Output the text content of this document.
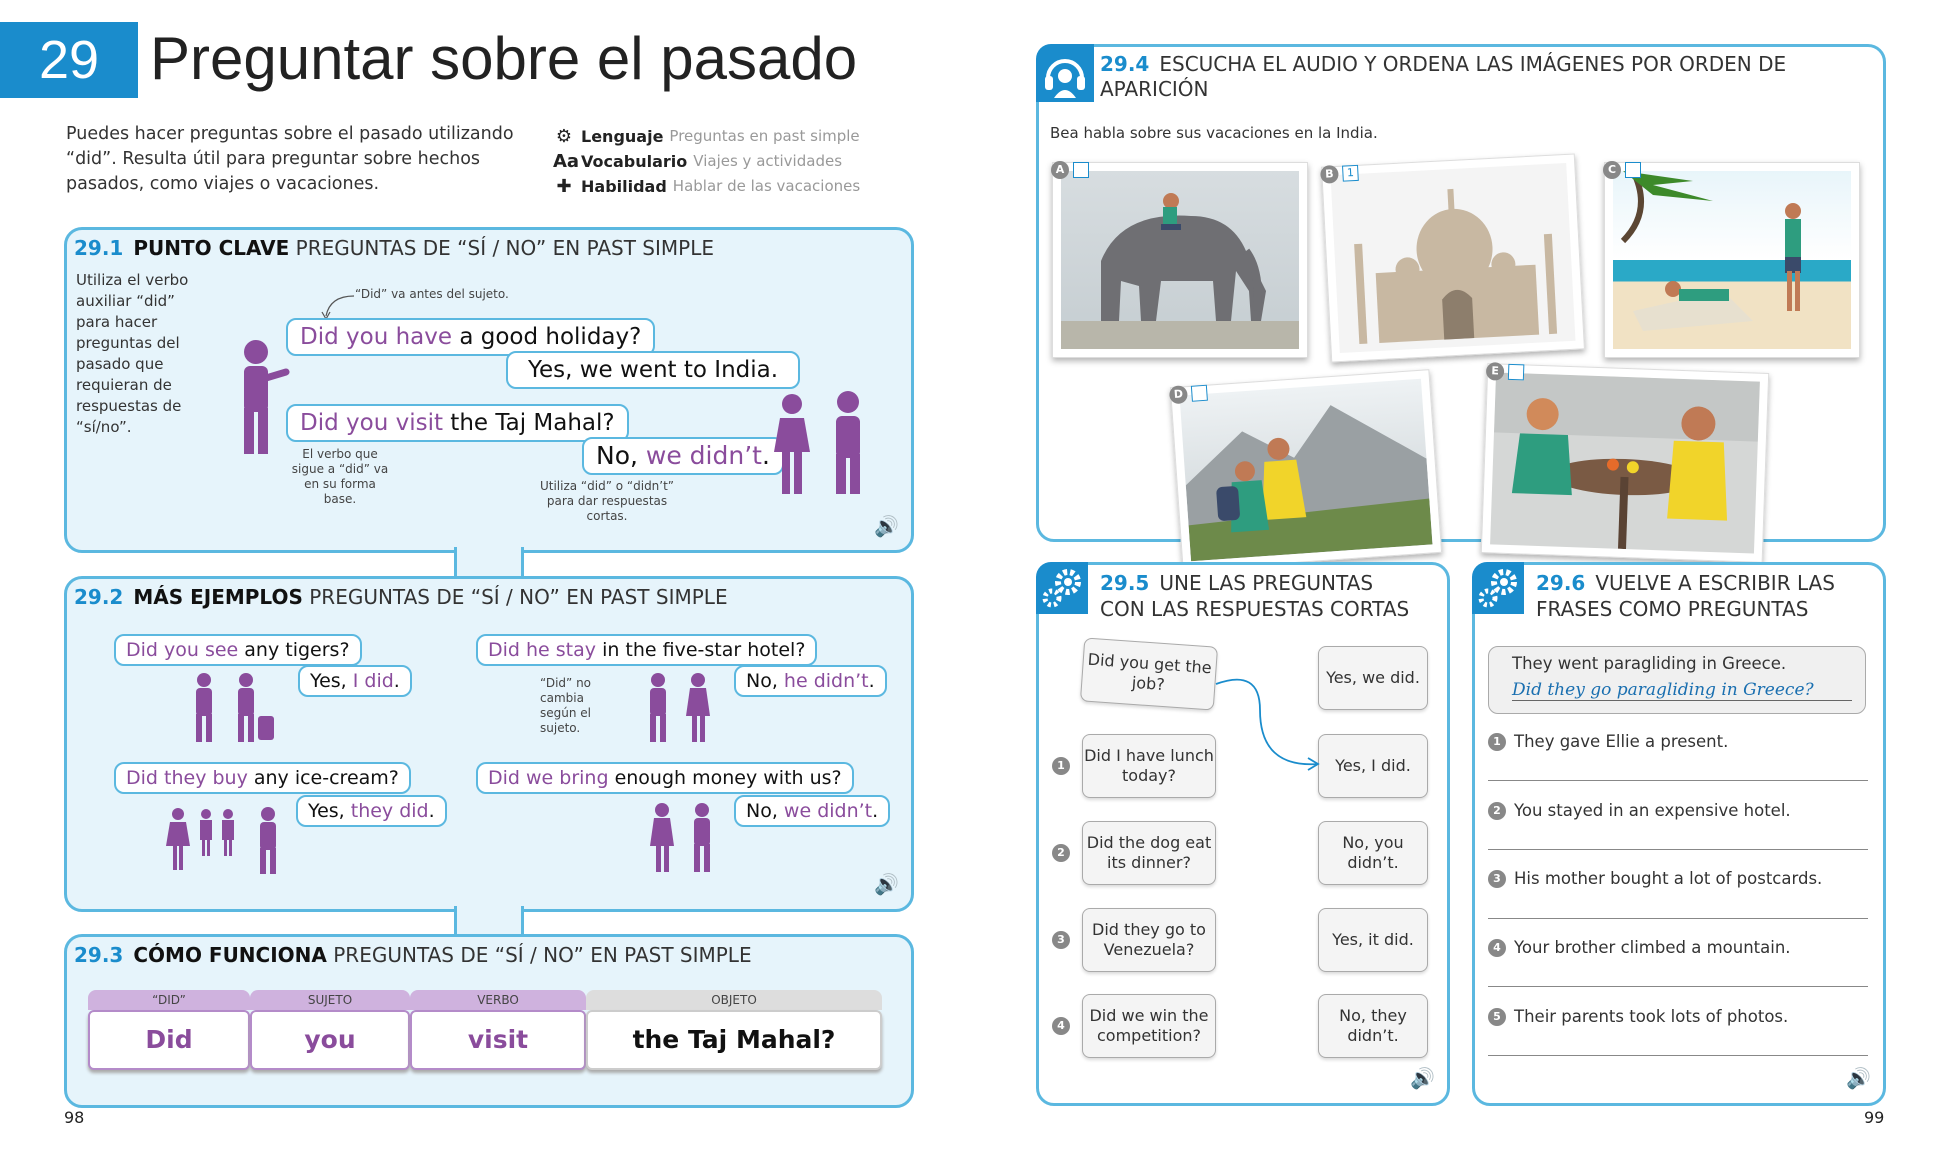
29 Preguntar sobre el pasado
Puedes hacer preguntas sobre el pasado utilizando “did”. Resulta útil para preguntar sobre hechos pasados, como viajes o vacaciones.
⚙ Lenguaje Preguntas en past simple
Aa Vocabulario Viajes y actividades
✚ Habilidad Hablar de las vacaciones
29.1 PUNTO CLAVE PREGUNTAS DE “SÍ / NO” EN PAST SIMPLE
Utiliza el verbo auxiliar “did” para hacer preguntas del pasado que requieran de respuestas de “sí/no”.
“Did” va antes del sujeto.
Did you have a good holiday?
Yes, we went to India.
Did you visit the Taj Mahal?
No, we didn’t.
El verbo que sigue a “did” va en su forma base.
Utiliza “did” o “didn’t” para dar respuestas cortas.	🔊
29.2 MÁS EJEMPLOS PREGUNTAS DE “SÍ / NO” EN PAST SIMPLE
Did you see any tigers?
Yes, I did.
Did he stay in the five-star hotel?
No, he didn’t.
“Did” no cambia según el sujeto.
Did they buy any ice-cream?
Yes, they did.
Did we bring enough money with us?
No, we didn’t.
🔊
29.3 CÓMO FUNCIONA PREGUNTAS DE “SÍ / NO” EN PAST SIMPLE
“DID”
Did
SUJETO
you
VERBO
visit
OBJETO
the Taj Mahal?
98
29.4 ESCUCHA EL AUDIO Y ORDENA LAS IMÁGENES POR ORDEN DE APARICIÓN
Bea habla sobre sus vacaciones en la India.
A	B	1	C
D
E
29.5 UNE LAS PREGUNTAS CON LAS RESPUESTAS CORTAS
Did you get the job?
Did I have lunch today?
Did the dog eat its dinner?
Did they go to Venezuela?
Did we win the competition?
1
2
3
4
Yes, we did.
Yes, I did.
No, you didn’t.
Yes, it did.
No, they didn’t.
🔊
29.6 VUELVE A ESCRIBIR LAS FRASES COMO PREGUNTAS
They went paragliding in Greece.
Did they go paragliding in Greece?
1 They gave Ellie a present.
2 You stayed in an expensive hotel.
3 His mother bought a lot of postcards.
4 Your brother climbed a mountain.
5 Their parents took lots of photos.
🔊
99
